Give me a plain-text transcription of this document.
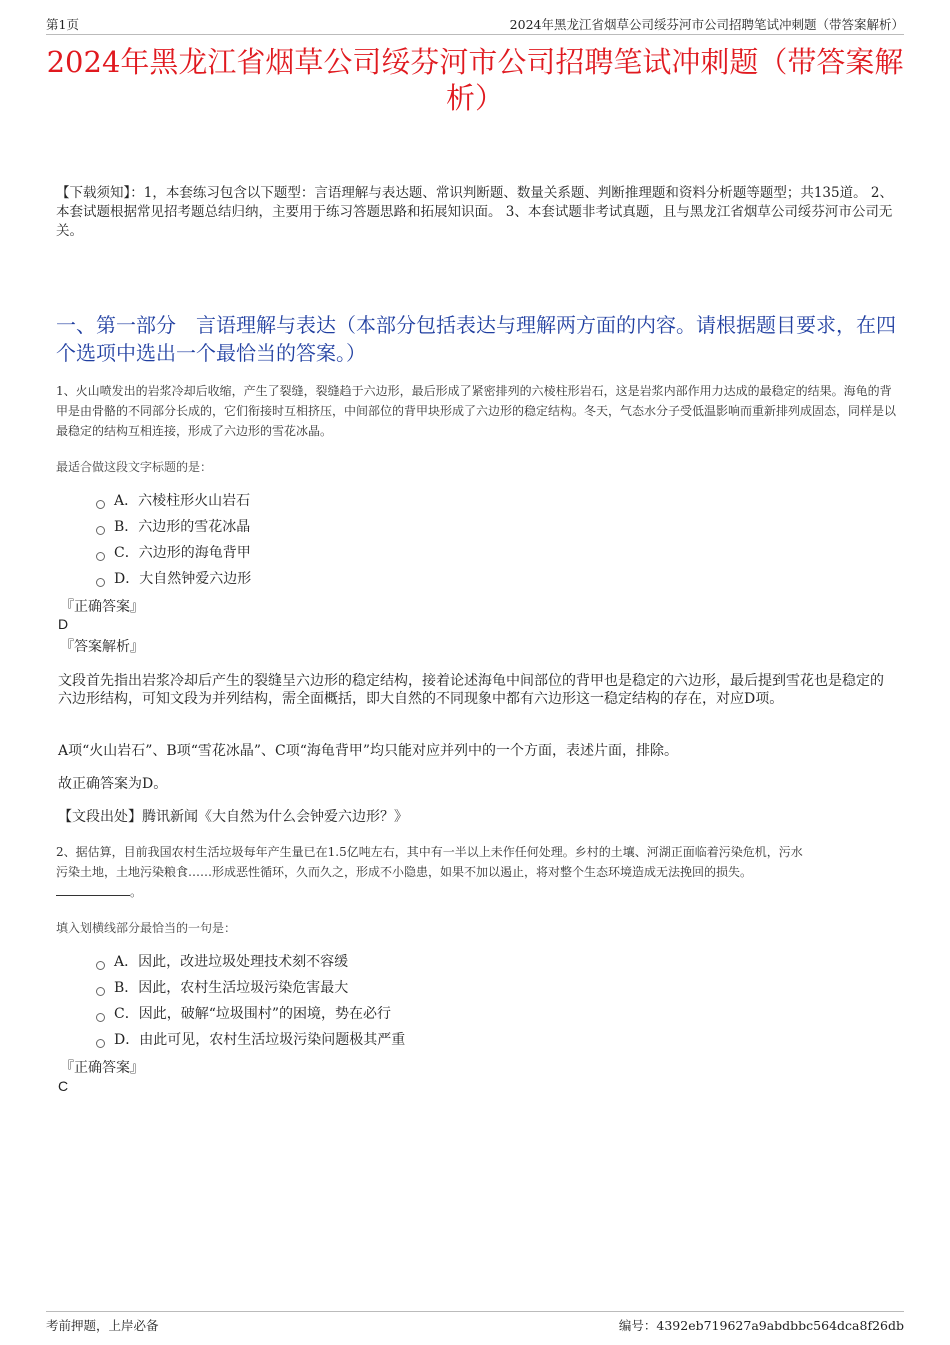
第1页	2024年黑龙江省烟草公司绥芬河市公司招聘笔试冲刺题（带答案解析）
2024年黑龙江省烟草公司绥芬河市公司招聘笔试冲刺题（带答案解析）
【下载须知】：1，本套练习包含以下题型：言语理解与表达题、常识判断题、数量关系题、判断推理题和资料分析题等题型；共135道。 2、本套试题根据常见招考题总结归纳，主要用于练习答题思路和拓展知识面。 3、本套试题非考试真题，且与黑龙江省烟草公司绥芬河市公司无关。
一、第一部分　言语理解与表达（本部分包括表达与理解两方面的内容。请根据题目要求，在四个选项中选出一个最恰当的答案。）
1、火山喷发出的岩浆冷却后收缩，产生了裂缝，裂缝趋于六边形，最后形成了紧密排列的六棱柱形岩石，这是岩浆内部作用力达成的最稳定的结果。海龟的背甲是由骨骼的不同部分长成的，它们衔接时互相挤压，中间部位的背甲块形成了六边形的稳定结构。冬天，气态水分子受低温影响而重新排列成固态，同样是以最稳定的结构互相连接，形成了六边形的雪花冰晶。
最适合做这段文字标题的是：
A．六棱柱形火山岩石
B．六边形的雪花冰晶
C．六边形的海龟背甲
D．大自然钟爱六边形
『正确答案』
D
『答案解析』
文段首先指出岩浆冷却后产生的裂缝呈六边形的稳定结构，接着论述海龟中间部位的背甲也是稳定的六边形，最后提到雪花也是稳定的六边形结构，可知文段为并列结构，需全面概括，即大自然的不同现象中都有六边形这一稳定结构的存在，对应D项。
A项“火山岩石”、B项“雪花冰晶”、C项“海龟背甲”均只能对应并列中的一个方面，表述片面，排除。
故正确答案为D。
【文段出处】腾讯新闻《大自然为什么会钟爱六边形？》
2、据估算，目前我国农村生活垃圾每年产生量已在1.5亿吨左右，其中有一半以上未作任何处理。乡村的土壤、河湖正面临着污染危机，污水污染土地，土地污染粮食……形成恶性循环，久而久之，形成不小隐患，如果不加以遏止，将对整个生态环境造成无法挽回的损失。。
填入划横线部分最恰当的一句是：
A．因此，改进垃圾处理技术刻不容缓
B．因此，农村生活垃圾污染危害最大
C．因此，破解“垃圾围村”的困境，势在必行
D．由此可见，农村生活垃圾污染问题极其严重
『正确答案』
C
考前押题，上岸必备	编号：4392eb719627a9abdbbc564dca8f26db
